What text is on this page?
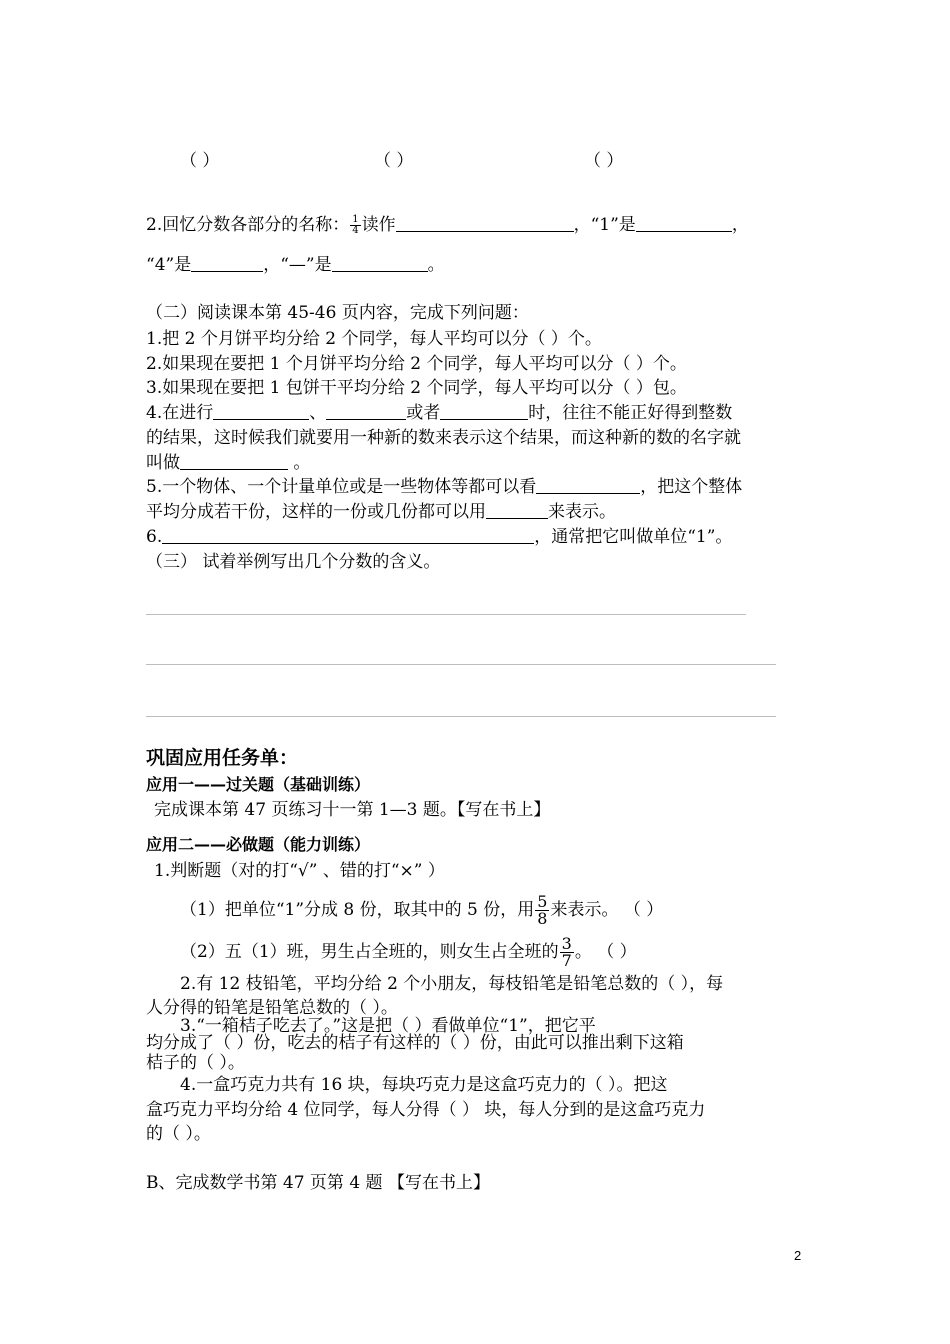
（ ）	（ ）	（ ）
2.回忆分数各部分的名称： $\frac{1}{4}$ 读作	，“1”是	，
“4”是	，“—”是	。
（二）阅读课本第 45-46 页内容，完成下列问题：
1.把 2 个月饼平均分给 2 个同学，每人平均可以分（ ）个。
2.如果现在要把 1 个月饼平均分给 2 个同学，每人平均可以分（ ）个。
3.如果现在要把 1 包饼干平均分给 2 个同学，每人平均可以分（ ）包。
4.在进行	、	或者	时，往往不能正好得到整数
的结果，这时候我们就要用一种新的数来表示这个结果，而这种新的数的名字就
叫做	。
5.一个物体、一个计量单位或是一些物体等都可以看	，把这个整体
平均分成若干份，这样的一份或几份都可以用	来表示。
6.	，通常把它叫做单位“1”。
（三） 试着举例写出几个分数的含义。
巩固应用任务单：
应用一——过关题（基础训练）
完成课本第 47 页练习十一第 1—3 题。【写在书上】
应用二——必做题（能力训练）
1.判断题（对的打“√” 、错的打“×” ）
（1）把单位“1”分成 8 份，取其中的 5 份，用 $\frac{5}{8}$ 来表示。 （ ）
（2）五（1）班，男生占全班的，则女生占全班的 $\frac{3}{7}$ 。 （ ）
2.有 12 枝铅笔，平均分给 2 个小朋友，每枝铅笔是铅笔总数的（ ），每
人分得的铅笔是铅笔总数的（ ）。
3.“一箱桔子吃去了。”这是把（ ）看做单位“1”，把它平
均分成了（ ）份，吃去的桔子有这样的（ ）份，由此可以推出剩下这箱
桔子的（ ）。
4.一盒巧克力共有 16 块，每块巧克力是这盒巧克力的（ ）。把这
盒巧克力平均分给 4 位同学，每人分得（ ） 块，每人分到的是这盒巧克力
的（ ）。
B、完成数学书第 47 页第 4 题 【写在书上】
2
